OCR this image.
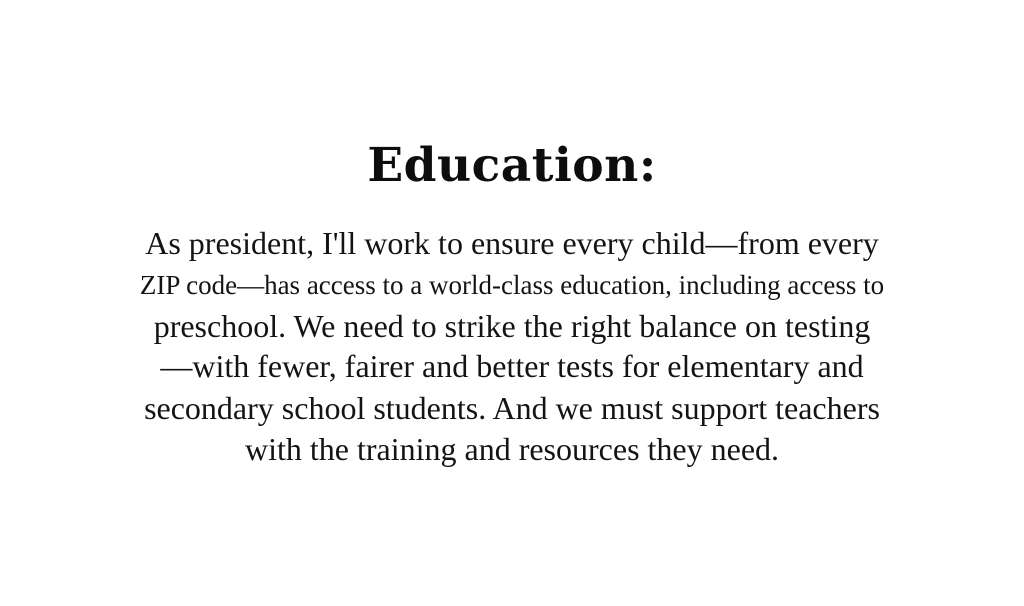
Education:
As president, I'll work to ensure every child—from every
ZIP code—has access to a world-class education, including access to
preschool. We need to strike the right balance on testing
—with fewer, fairer and better tests for elementary and
secondary school students. And we must support teachers
with the training and resources they need.
